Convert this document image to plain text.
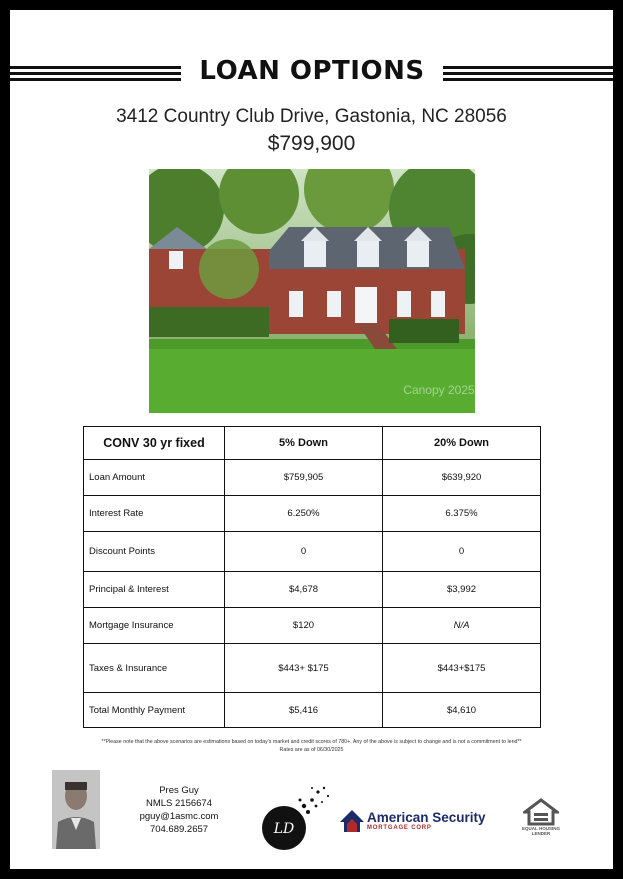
LOAN OPTIONS
3412 Country Club Drive, Gastonia, NC 28056
$799,900
Canopy 2025
CONV 30 yr fixed	5% Down	20% Down
Loan Amount	$759,905	$639,920
Interest Rate	6.250%	6.375%
Discount Points	0	0
Principal & Interest	$4,678	$3,992
Mortgage Insurance	$120	N/A
Taxes & Insurance	$443+ $175	$443+$175
Total Monthly Payment	$5,416	$4,610
**Please note that the above scenarios are estimations based on today's market and credit scores of 780+. Any of the above is subject to change and is not a commitment to lend**
Rates are as of 06/30/2025
Pres Guy
NMLS 2156674
pguy@1asmc.com
704.689.2657	LD
American Security
MORTGAGE CORP	EQUAL HOUSING LENDER
